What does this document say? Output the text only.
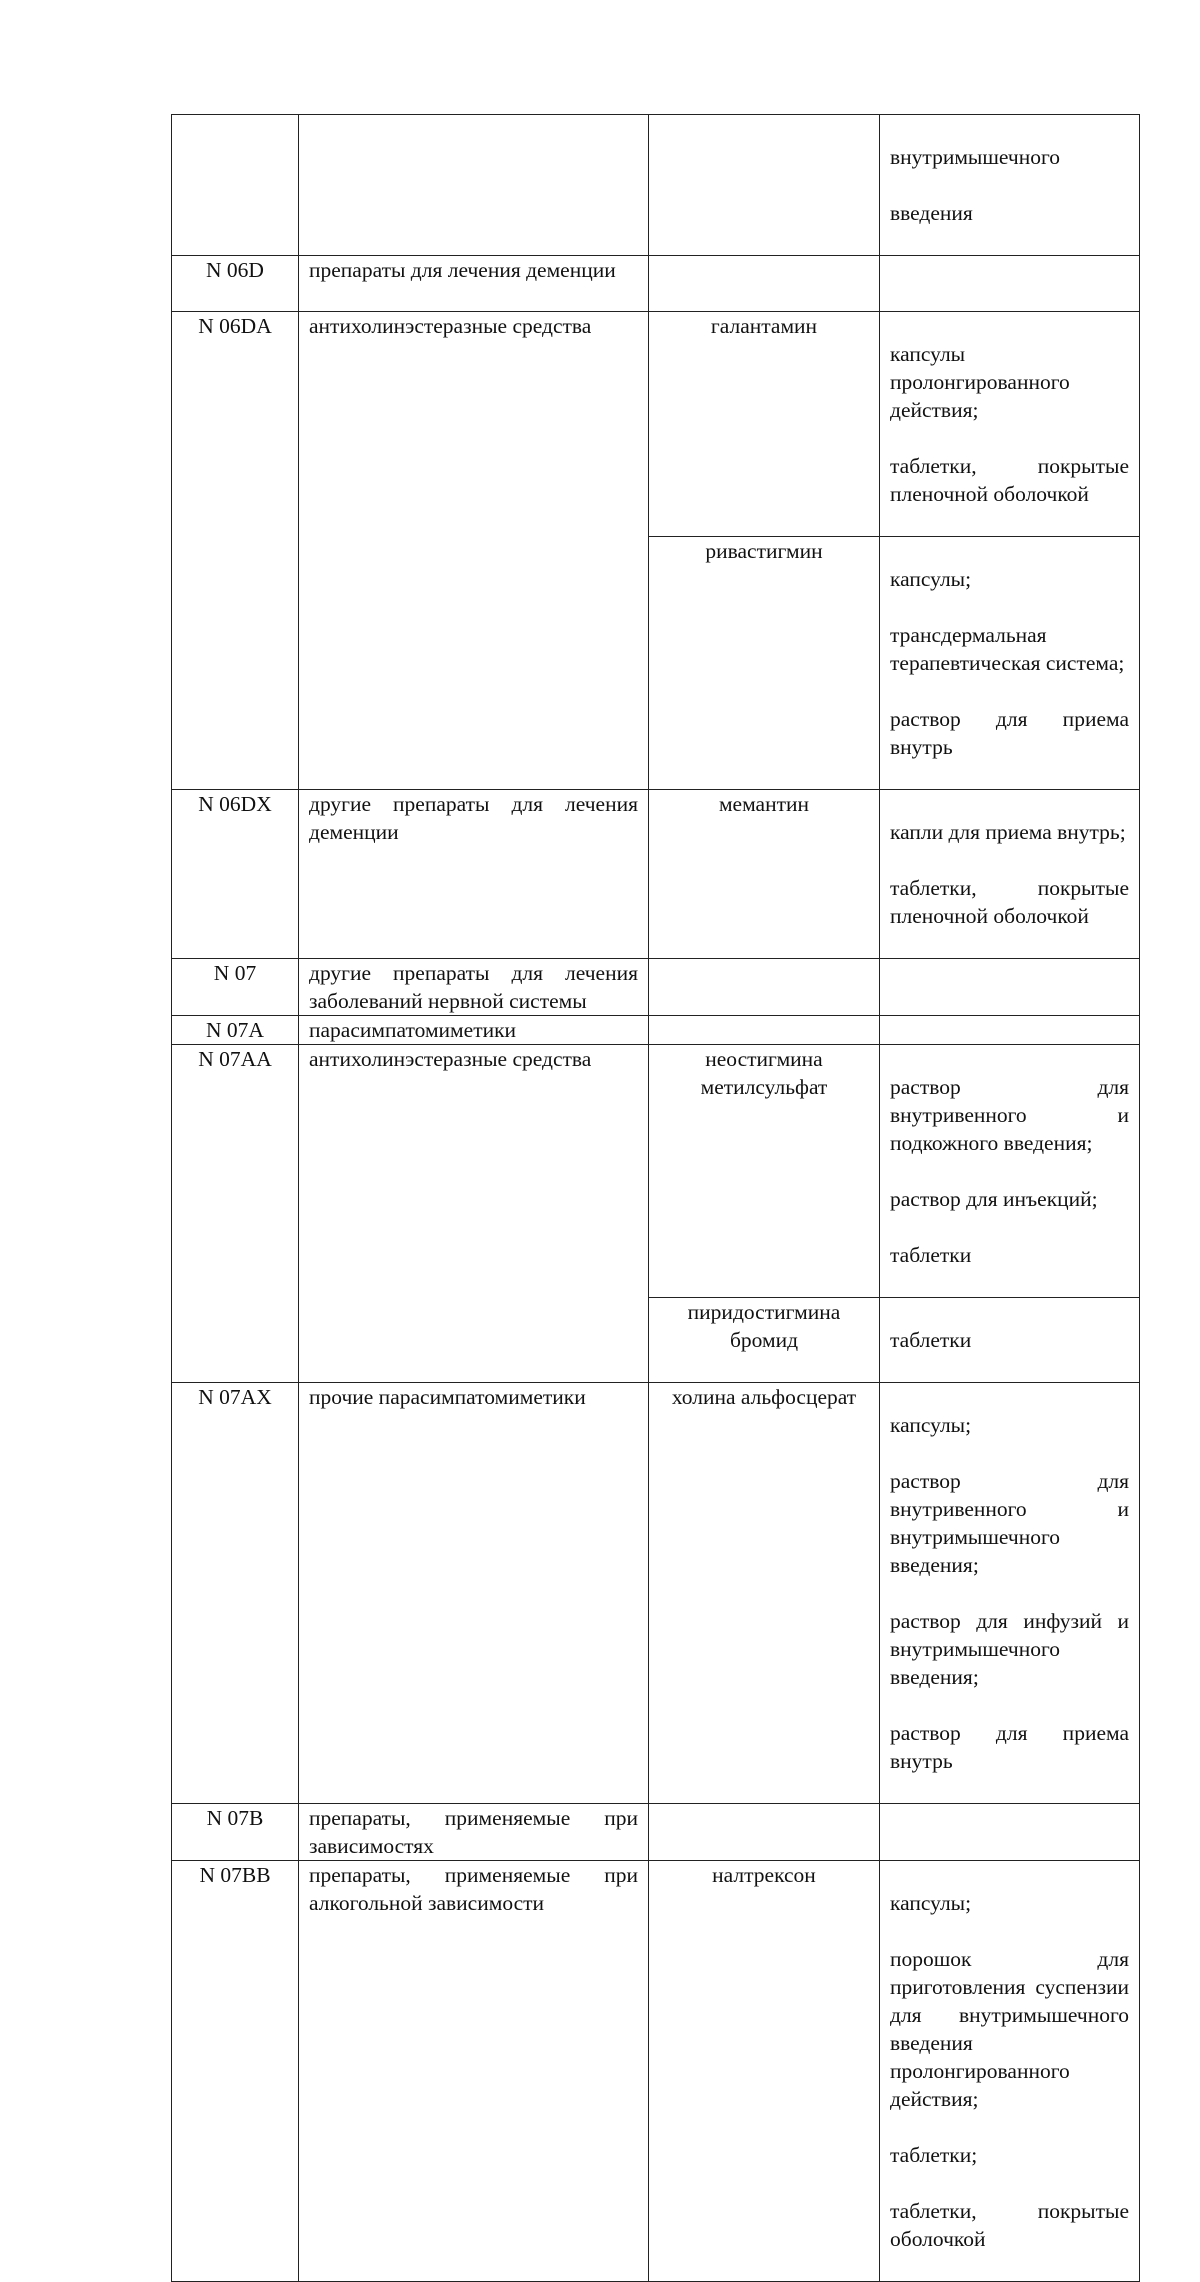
			внутримышечного

введения

N 06D	препараты для лечения деменции		
N 06DA	антихолинэстеразные средства	галантамин	капсулы пролонгированного действия;

таблетки, покрытые пленочной оболочкой

		ривастигмин	капсулы;

трансдермальная терапевтическая система;

раствор для приема внутрь

N 06DX	другие препараты для лечения деменции	мемантин	капли для приема внутрь;

таблетки, покрытые пленочной оболочкой

N 07	другие препараты для лечения заболеваний нервной системы		
N 07A	парасимпатомиметики		
N 07AA	антихолинэстеразные средства	неостигмина метилсульфат	раствор для внутривенного и подкожного введения;

раствор для инъекций;

таблетки

		пиридостигмина бромид	таблетки

N 07AX	прочие парасимпатомиметики	холина альфосцерат	капсулы;

раствор для внутривенного и внутримышечного введения;

раствор для инфузий и внутримышечного введения;

раствор для приема внутрь

N 07B	препараты, применяемые при зависимостях		
N 07BB	препараты, применяемые при алкогольной зависимости	налтрексон	капсулы;

порошок для приготовления суспензии для внутримышечного введения пролонгированного действия;

таблетки;

таблетки, покрытые оболочкой
